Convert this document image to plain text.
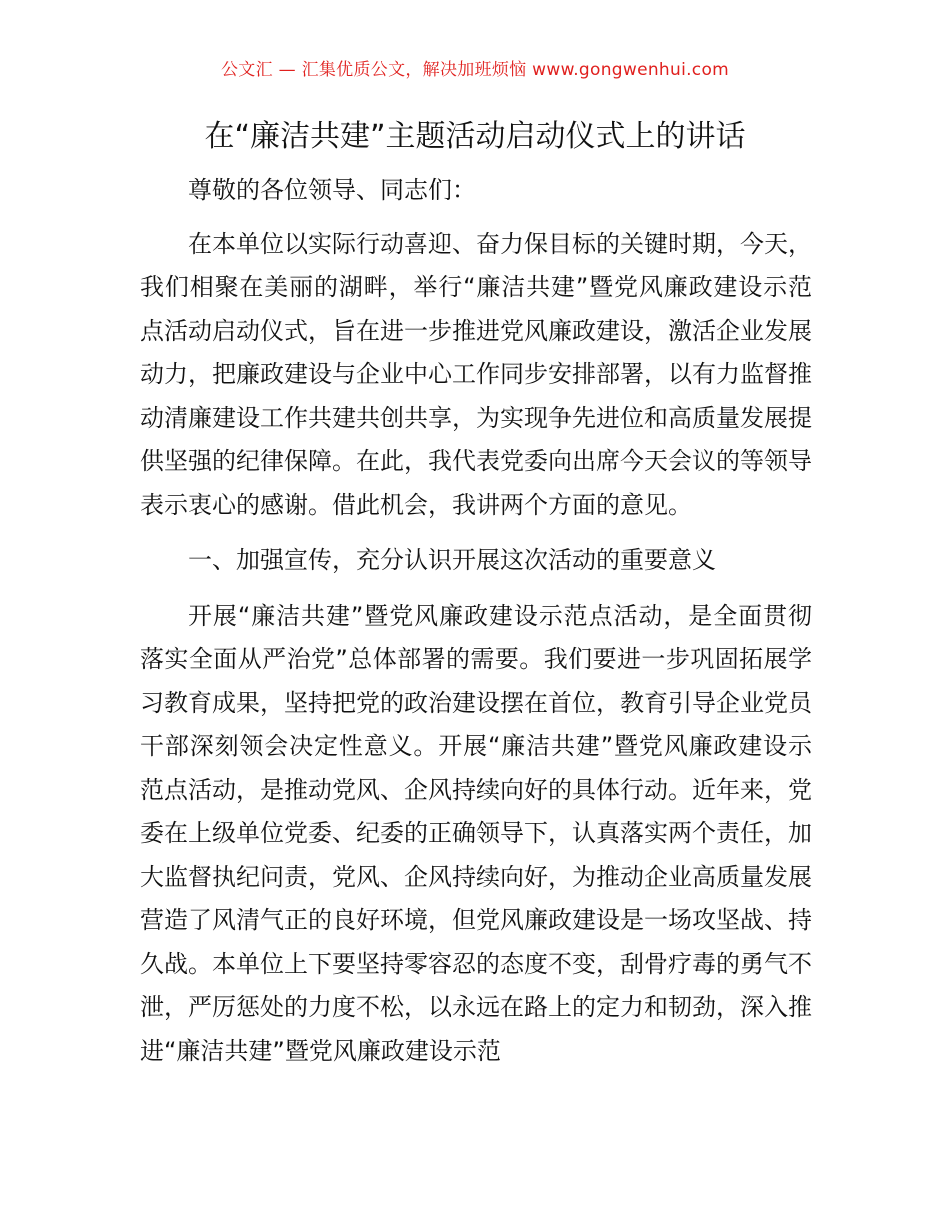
公文汇 — 汇集优质公文，解决加班烦恼 www.gongwenhui.com
在“廉洁共建”主题活动启动仪式上的讲话

尊敬的各位领导、同志们：

在本单位以实际行动喜迎、奋力保目标的关键时期，今天，我们相聚在美丽的湖畔，举行“廉洁共建”暨党风廉政建设示范点活动启动仪式，旨在进一步推进党风廉政建设，激活企业发展动力，把廉政建设与企业中心工作同步安排部署，以有力监督推动清廉建设工作共建共创共享，为实现争先进位和高质量发展提供坚强的纪律保障。在此，我代表党委向出席今天会议的等领导表示衷心的感谢。借此机会，我讲两个方面的意见。

一、加强宣传，充分认识开展这次活动的重要意义

开展“廉洁共建”暨党风廉政建设示范点活动，是全面贯彻落实全面从严治党”总体部署的需要。我们要进一步巩固拓展学习教育成果，坚持把党的政治建设摆在首位，教育引导企业党员干部深刻领会决定性意义。开展“廉洁共建”暨党风廉政建设示范点活动，是推动党风、企风持续向好的具体行动。近年来，党委在上级单位党委、纪委的正确领导下，认真落实两个责任，加大监督执纪问责，党风、企风持续向好，为推动企业高质量发展营造了风清气正的良好环境，但党风廉政建设是一场攻坚战、持久战。本单位上下要坚持零容忍的态度不变，刮骨疗毒的勇气不泄，严厉惩处的力度不松，以永远在路上的定力和韧劲，深入推进“廉洁共建”暨党风廉政建设示范
